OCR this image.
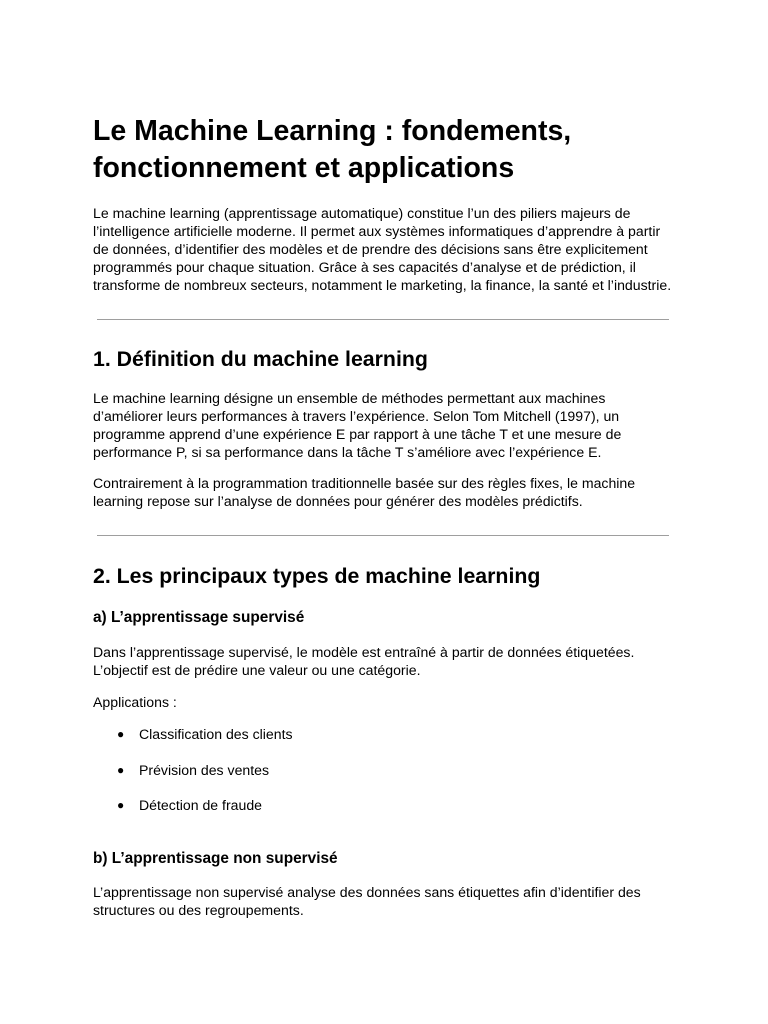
Le Machine Learning : fondements,
fonctionnement et applications

Le machine learning (apprentissage automatique) constitue l’un des piliers majeurs de
l’intelligence artificielle moderne. Il permet aux systèmes informatiques d’apprendre à partir
de données, d’identifier des modèles et de prendre des décisions sans être explicitement
programmés pour chaque situation. Grâce à ses capacités d’analyse et de prédiction, il
transforme de nombreux secteurs, notamment le marketing, la finance, la santé et l’industrie.

1. Définition du machine learning

Le machine learning désigne un ensemble de méthodes permettant aux machines
d’améliorer leurs performances à travers l’expérience. Selon Tom Mitchell (1997), un
programme apprend d’une expérience E par rapport à une tâche T et une mesure de
performance P, si sa performance dans la tâche T s’améliore avec l’expérience E.

Contrairement à la programmation traditionnelle basée sur des règles fixes, le machine
learning repose sur l’analyse de données pour générer des modèles prédictifs.

2. Les principaux types de machine learning
a) L’apprentissage supervisé

Dans l’apprentissage supervisé, le modèle est entraîné à partir de données étiquetées.
L’objectif est de prédire une valeur ou une catégorie.

Applications :

● Classification des clients
● Prévision des ventes
● Détection de fraude
b) L’apprentissage non supervisé

L’apprentissage non supervisé analyse des données sans étiquettes afin d’identifier des
structures ou des regroupements.
